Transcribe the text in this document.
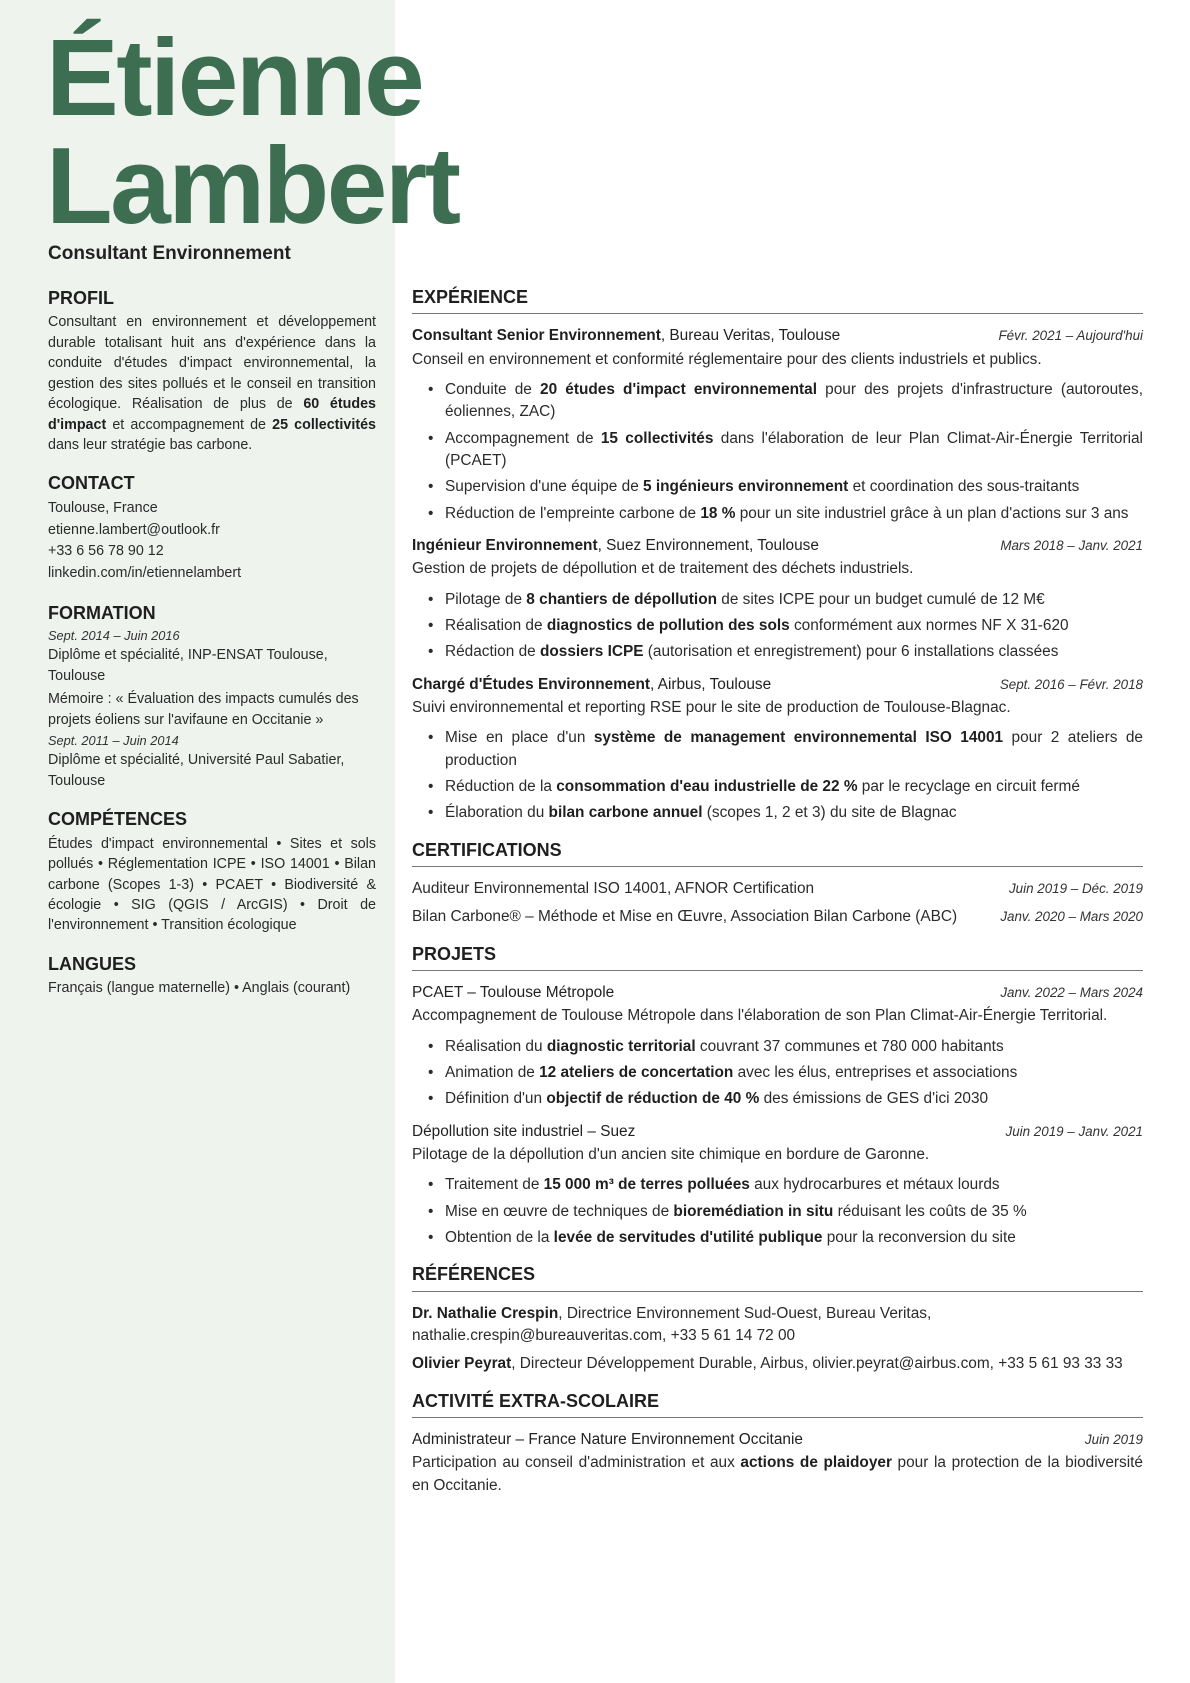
Étienne
Lambert
Consultant Environnement
PROFIL

Consultant en environnement et développement durable totalisant huit ans d'expérience dans la conduite d'études d'impact environnemental, la gestion des sites pollués et le conseil en transition écologique. Réalisation de plus de 60 études d'impact et accompagnement de 25 collectivités dans leur stratégie bas carbone.

CONTACT
Toulouse, France
etienne.lambert@outlook.fr
+33 6 56 78 90 12
linkedin.com/in/etiennelambert
FORMATION
Sept. 2014 – Juin 2016
Diplôme et spécialité, INP-ENSAT Toulouse, Toulouse
Mémoire : « Évaluation des impacts cumulés des projets éoliens sur l'avifaune en Occitanie »
Sept. 2011 – Juin 2014
Diplôme et spécialité, Université Paul Sabatier, Toulouse
COMPÉTENCES

Études d'impact environnemental • Sites et sols pollués • Réglementation ICPE • ISO 14001 • Bilan carbone (Scopes 1-3) • PCAET • Biodiversité & écologie • SIG (QGIS / ArcGIS) • Droit de l'environnement • Transition écologique

LANGUES

Français (langue maternelle) • Anglais (courant)

EXPÉRIENCE
Consultant Senior Environnement, Bureau Veritas, Toulouse	Févr. 2021 – Aujourd'hui
Conseil en environnement et conformité réglementaire pour des clients industriels et publics.
• Conduite de 20 études d'impact environnemental pour des projets d'infrastructure (autoroutes, éoliennes, ZAC)
• Accompagnement de 15 collectivités dans l'élaboration de leur Plan Climat-Air-Énergie Territorial (PCAET)
• Supervision d'une équipe de 5 ingénieurs environnement et coordination des sous-traitants
• Réduction de l'empreinte carbone de 18 % pour un site industriel grâce à un plan d'actions sur 3 ans
Ingénieur Environnement, Suez Environnement, Toulouse	Mars 2018 – Janv. 2021
Gestion de projets de dépollution et de traitement des déchets industriels.
• Pilotage de 8 chantiers de dépollution de sites ICPE pour un budget cumulé de 12 M€
• Réalisation de diagnostics de pollution des sols conformément aux normes NF X 31-620
• Rédaction de dossiers ICPE (autorisation et enregistrement) pour 6 installations classées
Chargé d'Études Environnement, Airbus, Toulouse	Sept. 2016 – Févr. 2018
Suivi environnemental et reporting RSE pour le site de production de Toulouse-Blagnac.
• Mise en place d'un système de management environnemental ISO 14001 pour 2 ateliers de production
• Réduction de la consommation d'eau industrielle de 22 % par le recyclage en circuit fermé
• Élaboration du bilan carbone annuel (scopes 1, 2 et 3) du site de Blagnac
CERTIFICATIONS
Auditeur Environnemental ISO 14001, AFNOR Certification	Juin 2019 – Déc. 2019
Bilan Carbone® – Méthode et Mise en Œuvre, Association Bilan Carbone (ABC)	Janv. 2020 – Mars 2020
PROJETS
PCAET – Toulouse Métropole	Janv. 2022 – Mars 2024
Accompagnement de Toulouse Métropole dans l'élaboration de son Plan Climat-Air-Énergie Territorial.
• Réalisation du diagnostic territorial couvrant 37 communes et 780 000 habitants
• Animation de 12 ateliers de concertation avec les élus, entreprises et associations
• Définition d'un objectif de réduction de 40 % des émissions de GES d'ici 2030
Dépollution site industriel – Suez	Juin 2019 – Janv. 2021
Pilotage de la dépollution d'un ancien site chimique en bordure de Garonne.
• Traitement de 15 000 m³ de terres polluées aux hydrocarbures et métaux lourds
• Mise en œuvre de techniques de bioremédiation in situ réduisant les coûts de 35 %
• Obtention de la levée de servitudes d'utilité publique pour la reconversion du site
RÉFÉRENCES
Dr. Nathalie Crespin, Directrice Environnement Sud-Ouest, Bureau Veritas, nathalie.crespin@bureauveritas.com, +33 5 61 14 72 00
Olivier Peyrat, Directeur Développement Durable, Airbus, olivier.peyrat@airbus.com, +33 5 61 93 33 33
ACTIVITÉ EXTRA-SCOLAIRE
Administrateur – France Nature Environnement Occitanie	Juin 2019
Participation au conseil d'administration et aux actions de plaidoyer pour la protection de la biodiversité en Occitanie.
